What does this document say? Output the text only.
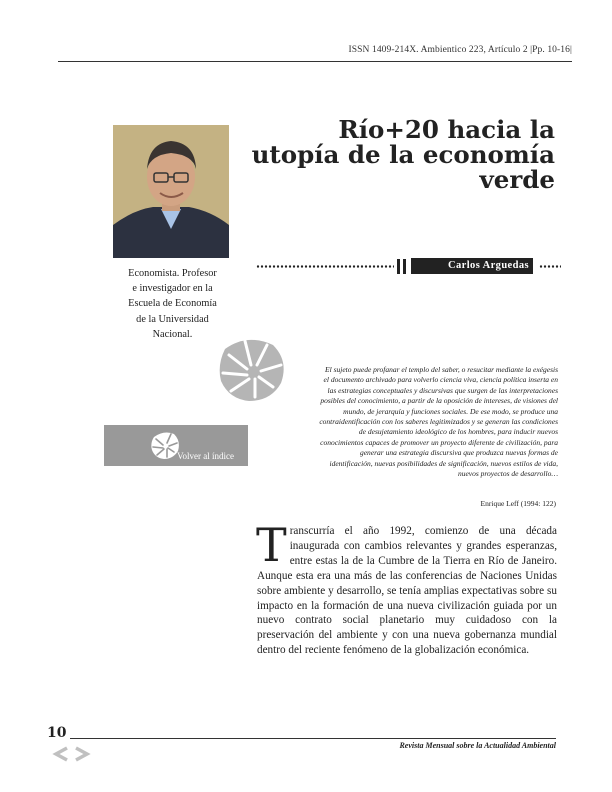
ISSN 1409-214X. Ambientico 223, Artículo 2 |Pp. 10-16|
Economista. Profesor
e investigador en la
Escuela de Economía
de la Universidad
Nacional.
Río+20 hacia la
utopía de la economía
verde
Carlos Arguedas
Volver al índice
El sujeto puede profanar el templo del saber, o resucitar mediante la exégesis el documento archivado para volverlo ciencia viva, ciencia política inserta en las estrategias conceptuales y discursivas que surgen de las interpretaciones posibles del conocimiento, a partir de la oposición de intereses, de visiones del mundo, de jerarquía y funciones sociales. De ese modo, se produce una contraidentificación con los saberes legitimizados y se generan las condiciones de desujetamiento ideológico de los hombres, para inducir nuevos conocimientos capaces de promover un proyecto diferente de civilización, para generar una estrategia discursiva que produzca nuevas formas de identificación, nuevas posibilidades de significación, nuevos estilos de vida, nuevos proyectos de desarrollo…
Enrique Leff (1994: 122)
Transcurría el año 1992, comienzo de una década inaugurada con cambios relevantes y grandes esperanzas, entre estas la de la Cumbre de la Tierra en Río de Janeiro. Aunque esta era una más de las conferencias de Naciones Unidas sobre ambiente y desarrollo, se tenía amplias expectativas sobre su impacto en la formación de una nueva civilización guiada por un nuevo contrato social planetario muy cuidadoso con la preservación del ambiente y con una nueva gobernanza mundial dentro del reciente fenómeno de la globalización económica.
10
Revista Mensual sobre la Actualidad Ambiental
